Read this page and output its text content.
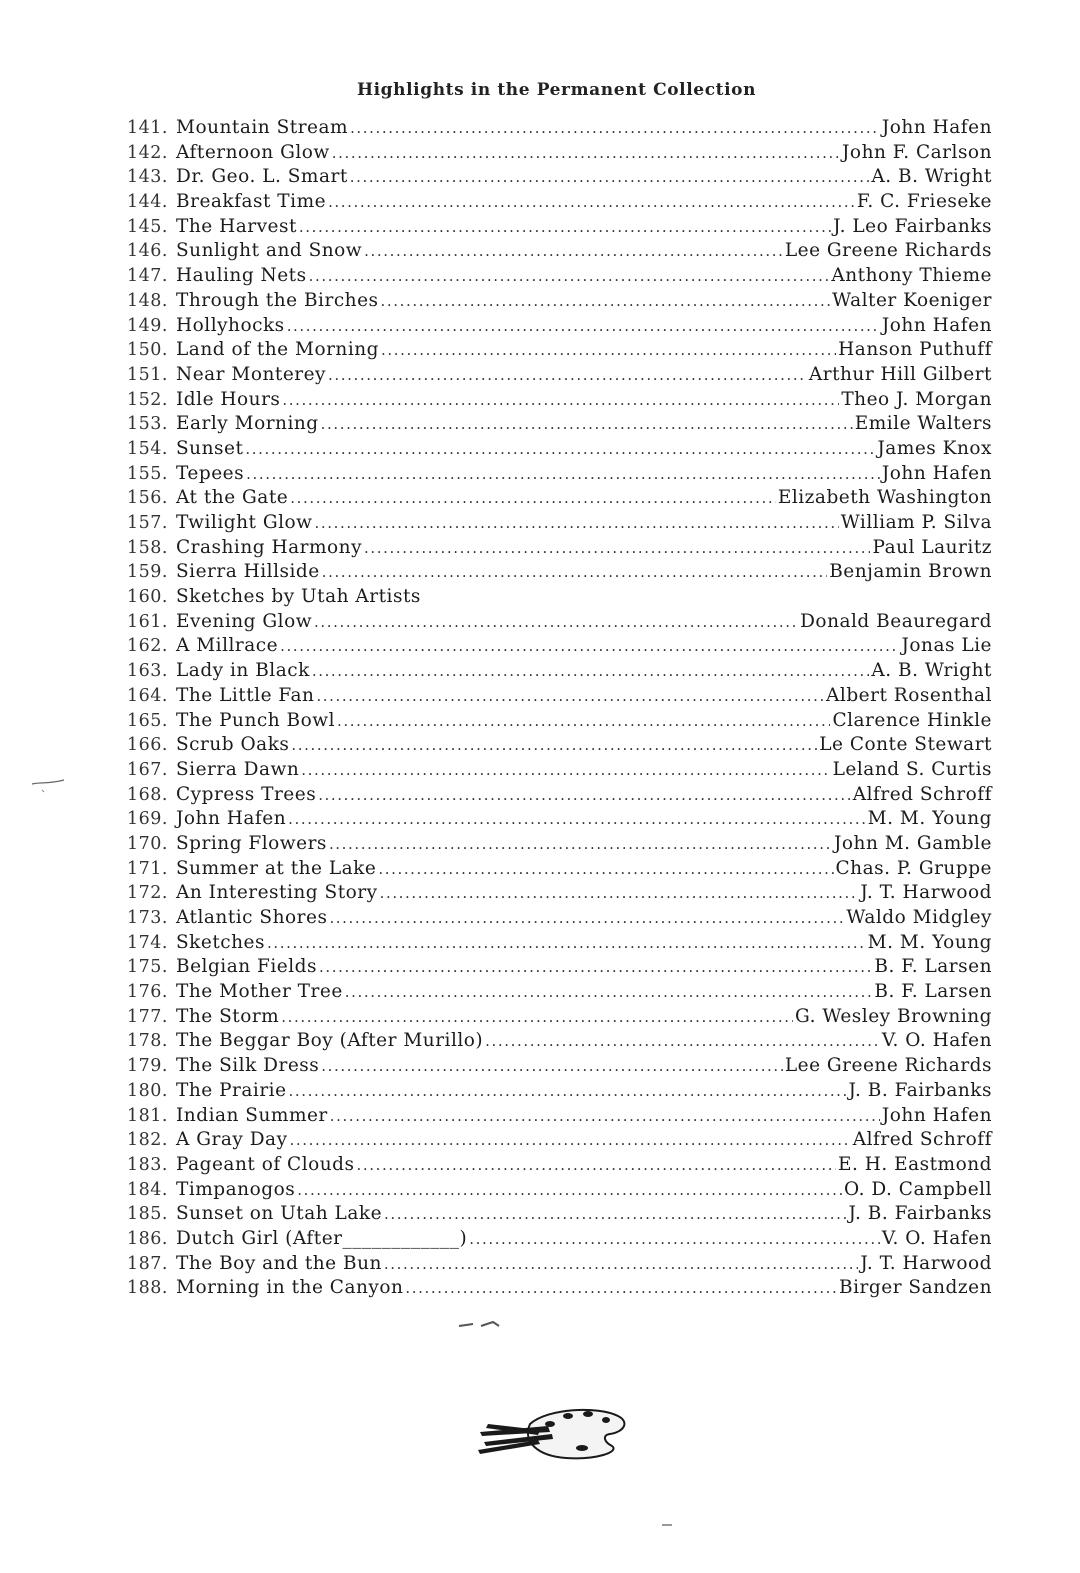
Highlights in the Permanent Collection
141. Mountain Stream .....	John Hafen
142. Afternoon Glow .....	John F. Carlson
143. Dr. Geo. L. Smart .....	A. B. Wright
144. Breakfast Time .....	F. C. Frieseke
145. The Harvest .....	J. Leo Fairbanks
146. Sunlight and Snow .....	Lee Greene Richards
147. Hauling Nets .....	Anthony Thieme
148. Through the Birches .....	Walter Koeniger
149. Hollyhocks .....	John Hafen
150. Land of the Morning .....	Hanson Puthuff
151. Near Monterey .....	Arthur Hill Gilbert
152. Idle Hours .....	Theo J. Morgan
153. Early Morning .....	Emile Walters
154. Sunset .....	James Knox
155. Tepees .....	John Hafen
156. At the Gate .....	Elizabeth Washington
157. Twilight Glow .....	William P. Silva
158. Crashing Harmony .....	Paul Lauritz
159. Sierra Hillside .....	Benjamin Brown
160. Sketches by Utah Artists
161. Evening Glow .....	Donald Beauregard
162. A Millrace .....	Jonas Lie
163. Lady in Black .....	A. B. Wright
164. The Little Fan .....	Albert Rosenthal
165. The Punch Bowl .....	Clarence Hinkle
166. Scrub Oaks .....	Le Conte Stewart
167. Sierra Dawn .....	Leland S. Curtis
168. Cypress Trees .....	Alfred Schroff
169. John Hafen .....	M. M. Young
170. Spring Flowers .....	John M. Gamble
171. Summer at the Lake .....	Chas. P. Gruppe
172. An Interesting Story .....	J. T. Harwood
173. Atlantic Shores .....	Waldo Midgley
174. Sketches .....	M. M. Young
175. Belgian Fields .....	B. F. Larsen
176. The Mother Tree .....	B. F. Larsen
177. The Storm .....	G. Wesley Browning
178. The Beggar Boy (After Murillo) .....	V. O. Hafen
179. The Silk Dress .....	Lee Greene Richards
180. The Prairie .....	J. B. Fairbanks
181. Indian Summer .....	John Hafen
182. A Gray Day .....	Alfred Schroff
183. Pageant of Clouds .....	E. H. Eastmond
184. Timpanogos .....	O. D. Campbell
185. Sunset on Utah Lake .....	J. B. Fairbanks
186. Dutch Girl (After____________) .....	V. O. Hafen
187. The Boy and the Bun .....	J. T. Harwood
188. Morning in the Canyon .....	Birger Sandzen
